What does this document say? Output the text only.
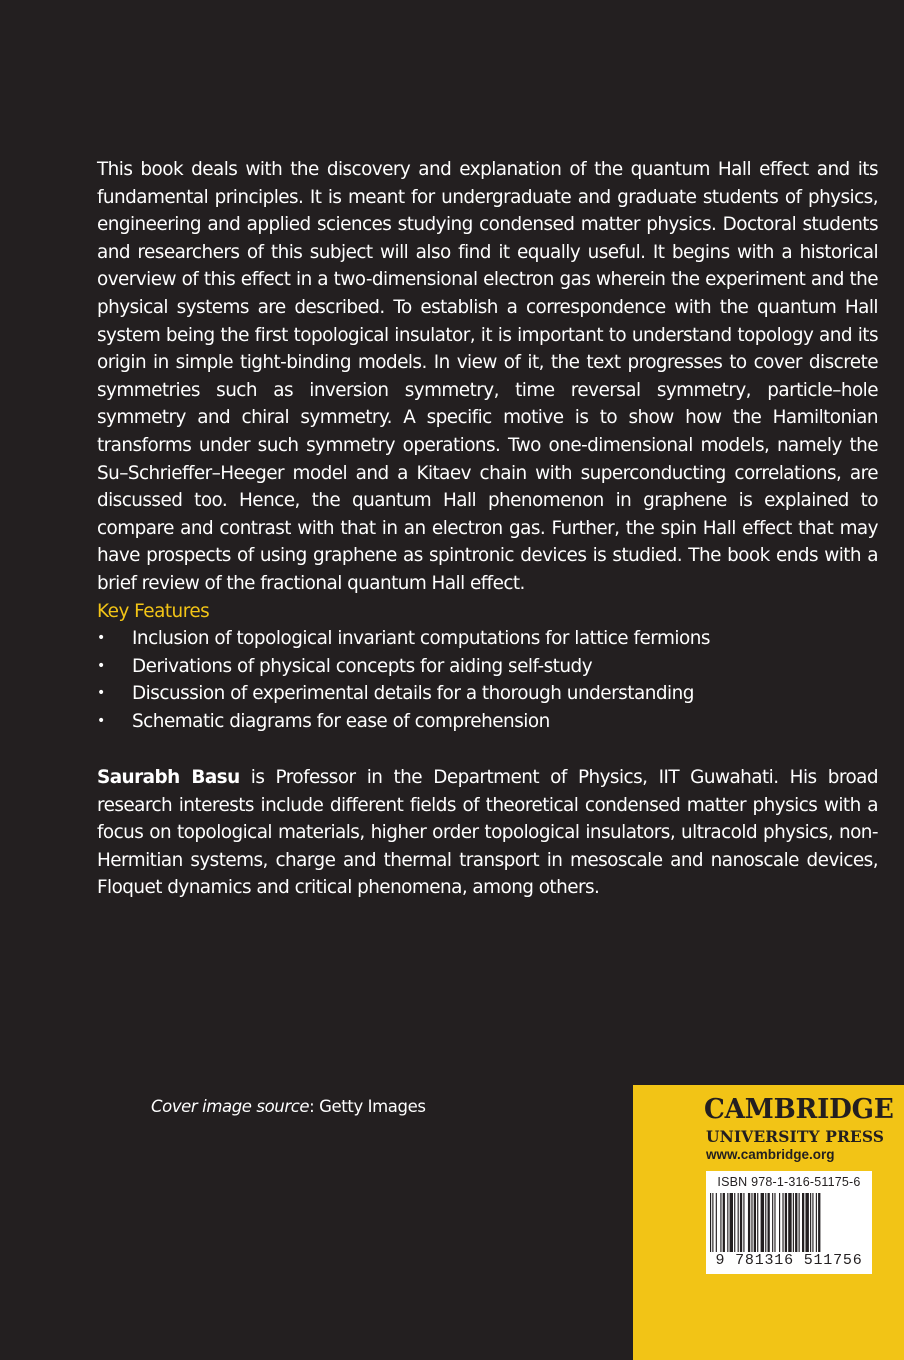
This book deals with the discovery and explanation of the quantum Hall effect and its fundamental principles. It is meant for undergraduate and graduate students of physics, engineering and applied sciences studying condensed matter physics. Doctoral students and researchers of this subject will also find it equally useful. It begins with a historical overview of this effect in a two-dimensional electron gas wherein the experiment and the physical systems are described. To establish a correspondence with the quantum Hall system being the first topological insulator, it is important to understand topology and its origin in simple tight-binding models. In view of it, the text progresses to cover discrete symmetries such as inversion symmetry, time reversal symmetry, particle–hole symmetry and chiral symmetry. A specific motive is to show how the Hamiltonian transforms under such symmetry operations. Two one-dimensional models, namely the Su–Schrieffer–Heeger model and a Kitaev chain with superconducting correlations, are discussed too. Hence, the quantum Hall phenomenon in graphene is explained to compare and contrast with that in an electron gas. Further, the spin Hall effect that may have prospects of using graphene as spintronic devices is studied. The book ends with a brief review of the fractional quantum Hall effect.

Key Features
• Inclusion of topological invariant computations for lattice fermions
• Derivations of physical concepts for aiding self-study
• Discussion of experimental details for a thorough understanding
• Schematic diagrams for ease of comprehension

Saurabh Basu is Professor in the Department of Physics, IIT Guwahati. His broad research interests include different fields of theoretical condensed matter physics with a focus on topological materials, higher order topological insulators, ultracold physics, non-Hermitian systems, charge and thermal transport in mesoscale and nanoscale devices, Floquet dynamics and critical phenomena, among others.

Cover image source: Getty Images	CAMBRIDGE

UNIVERSITY PRESS

www.cambridge.org

ISBN 978-1-316-51175-6

9 781316 511756
